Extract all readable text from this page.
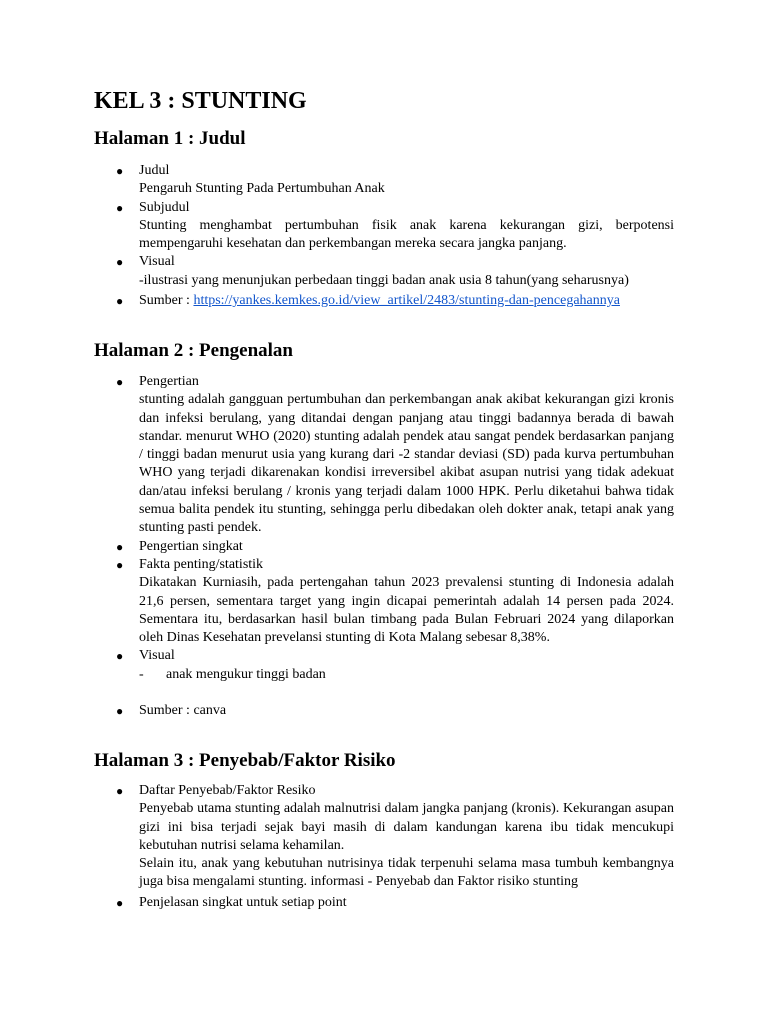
KEL 3 : STUNTING
Halaman 1 : Judul
● Judul
Pengaruh Stunting Pada Pertumbuhan Anak
● Subjudul
Stunting menghambat pertumbuhan fisik anak karena kekurangan gizi, berpotensi mempengaruhi kesehatan dan perkembangan mereka secara jangka panjang.
● Visual
-ilustrasi yang menunjukan perbedaan tinggi badan anak usia 8 tahun(yang seharusnya)
● Sumber : https://yankes.kemkes.go.id/view_artikel/2483/stunting-dan-pencegahannya
Halaman 2 : Pengenalan
● Pengertian
stunting adalah gangguan pertumbuhan dan perkembangan anak akibat kekurangan gizi kronis dan infeksi berulang, yang ditandai dengan panjang atau tinggi badannya berada di bawah standar. menurut WHO (2020) stunting adalah pendek atau sangat pendek berdasarkan panjang / tinggi badan menurut usia yang kurang dari -2 standar deviasi (SD) pada kurva pertumbuhan WHO yang terjadi dikarenakan kondisi irreversibel akibat asupan nutrisi yang tidak adekuat dan/atau infeksi berulang / kronis yang terjadi dalam 1000 HPK. Perlu diketahui bahwa tidak semua balita pendek itu stunting, sehingga perlu dibedakan oleh dokter anak, tetapi anak yang stunting pasti pendek.
● Pengertian singkat
● Fakta penting/statistik
Dikatakan Kurniasih, pada pertengahan tahun 2023 prevalensi stunting di Indonesia adalah 21,6 persen, sementara target yang ingin dicapai pemerintah adalah 14 persen pada 2024. Sementara itu, berdasarkan hasil bulan timbang pada Bulan Februari 2024 yang dilaporkan oleh Dinas Kesehatan prevelansi stunting di Kota Malang sebesar 8,38%.
● Visual
- anak mengukur tinggi badan
● Sumber : canva
Halaman 3 : Penyebab/Faktor Risiko
● Daftar Penyebab/Faktor Resiko
Penyebab utama stunting adalah malnutrisi dalam jangka panjang (kronis). Kekurangan asupan gizi ini bisa terjadi sejak bayi masih di dalam kandungan karena ibu tidak mencukupi kebutuhan nutrisi selama kehamilan.
Selain itu, anak yang kebutuhan nutrisinya tidak terpenuhi selama masa tumbuh kembangnya juga bisa mengalami stunting. informasi - Penyebab dan Faktor risiko stunting
● Penjelasan singkat untuk setiap point
